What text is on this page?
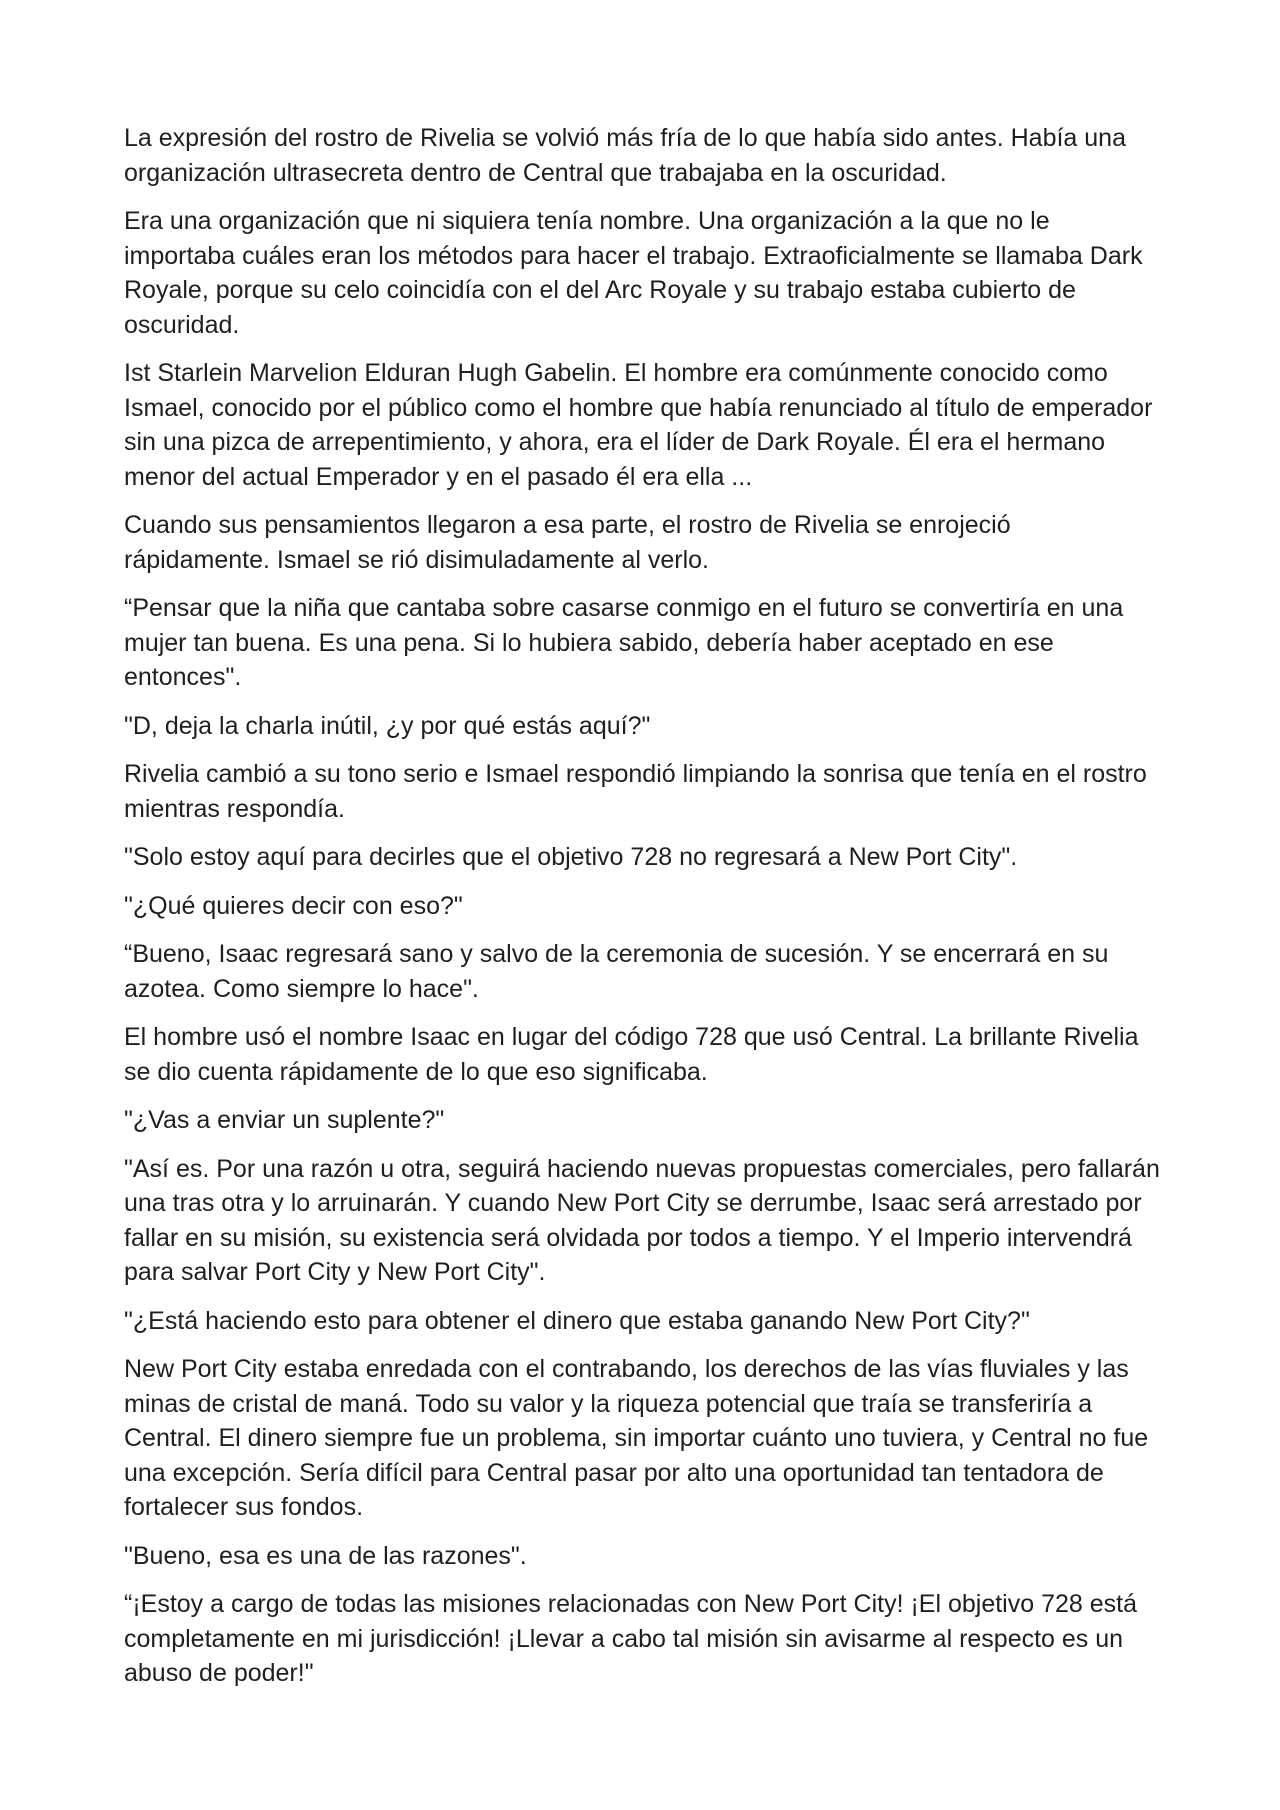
La expresión del rostro de Rivelia se volvió más fría de lo que había sido antes. Había una organización ultrasecreta dentro de Central que trabajaba en la oscuridad.

Era una organización que ni siquiera tenía nombre. Una organización a la que no le importaba cuáles eran los métodos para hacer el trabajo. Extraoficialmente se llamaba Dark Royale, porque su celo coincidía con el del Arc Royale y su trabajo estaba cubierto de oscuridad.

Ist Starlein Marvelion Elduran Hugh Gabelin. El hombre era comúnmente conocido como Ismael, conocido por el público como el hombre que había renunciado al título de emperador sin una pizca de arrepentimiento, y ahora, era el líder de Dark Royale. Él era el hermano menor del actual Emperador y en el pasado él era ella ...

Cuando sus pensamientos llegaron a esa parte, el rostro de Rivelia se enrojeció rápidamente. Ismael se rió disimuladamente al verlo.

“Pensar que la niña que cantaba sobre casarse conmigo en el futuro se convertiría en una mujer tan buena. Es una pena. Si lo hubiera sabido, debería haber aceptado en ese entonces".

"D, deja la charla inútil, ¿y por qué estás aquí?"

Rivelia cambió a su tono serio e Ismael respondió limpiando la sonrisa que tenía en el rostro mientras respondía.

"Solo estoy aquí para decirles que el objetivo 728 no regresará a New Port City".

"¿Qué quieres decir con eso?"

“Bueno, Isaac regresará sano y salvo de la ceremonia de sucesión. Y se encerrará en su azotea. Como siempre lo hace".

El hombre usó el nombre Isaac en lugar del código 728 que usó Central. La brillante Rivelia se dio cuenta rápidamente de lo que eso significaba.

"¿Vas a enviar un suplente?"

"Así es. Por una razón u otra, seguirá haciendo nuevas propuestas comerciales, pero fallarán una tras otra y lo arruinarán. Y cuando New Port City se derrumbe, Isaac será arrestado por fallar en su misión, su existencia será olvidada por todos a tiempo. Y el Imperio intervendrá para salvar Port City y New Port City".

"¿Está haciendo esto para obtener el dinero que estaba ganando New Port City?"

New Port City estaba enredada con el contrabando, los derechos de las vías fluviales y las minas de cristal de maná. Todo su valor y la riqueza potencial que traía se transferiría a Central. El dinero siempre fue un problema, sin importar cuánto uno tuviera, y Central no fue una excepción. Sería difícil para Central pasar por alto una oportunidad tan tentadora de fortalecer sus fondos.

"Bueno, esa es una de las razones".

“¡Estoy a cargo de todas las misiones relacionadas con New Port City! ¡El objetivo 728 está completamente en mi jurisdicción! ¡Llevar a cabo tal misión sin avisarme al respecto es un abuso de poder!"
